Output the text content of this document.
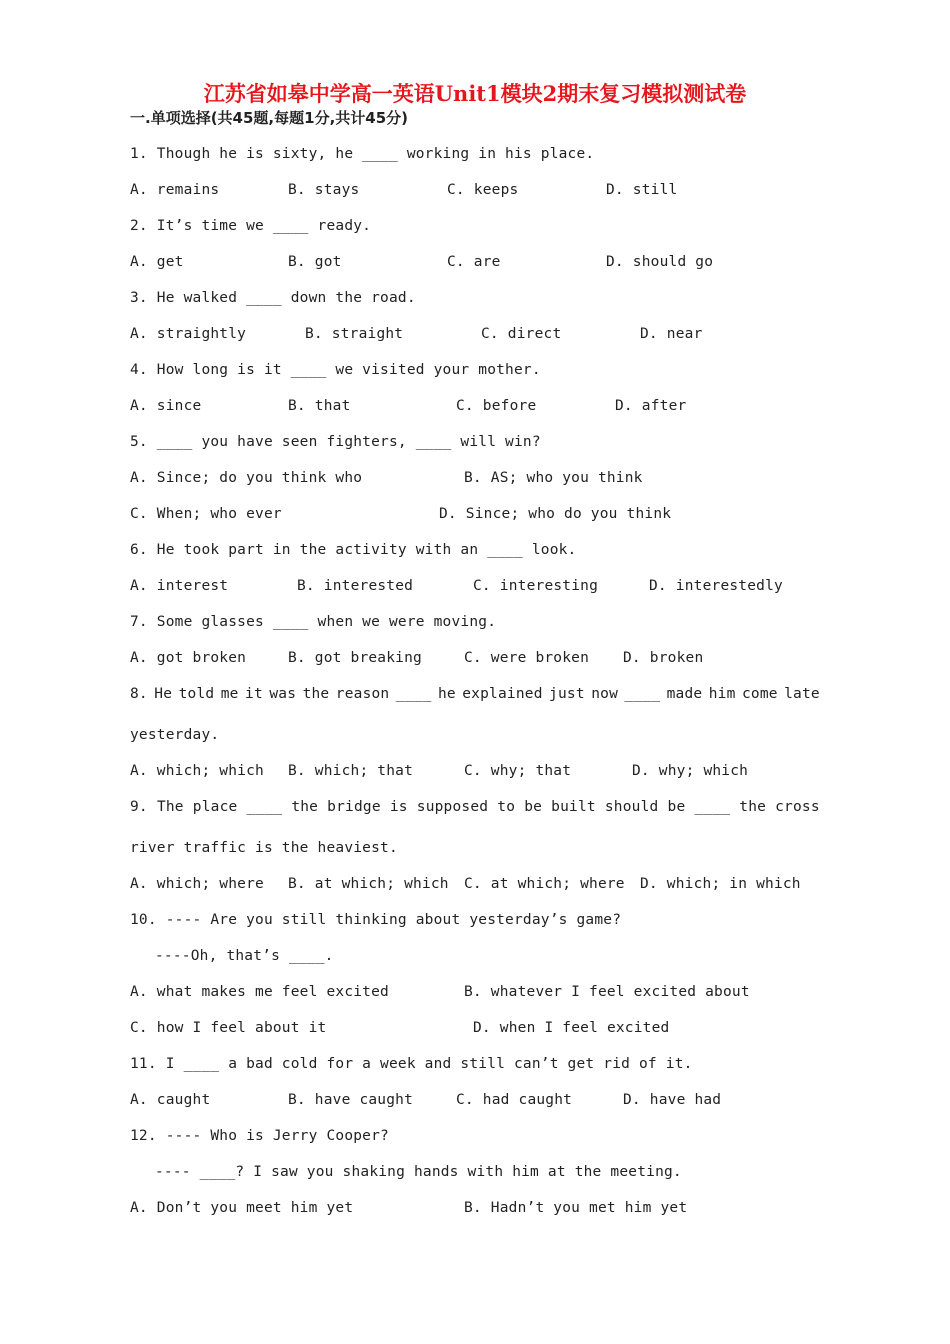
江苏省如皋中学高一英语Unit1模块2期末复习模拟测试卷
一.单项选择(共45题,每题1分,共计45分)
1. Though he is sixty, he ____ working in his place.
A. remains	B. stays	C. keeps	D. still
2. It’s time we ____ ready.
A. get	B. got	C. are	D. should go
3. He walked ____ down the road.
A. straightly	B. straight	C. direct	D. near
4. How long is it ____ we visited your mother.
A. since	B. that	C. before	D. after
5. ____ you have seen fighters, ____ will win?
A. Since; do you think who	B. AS; who you think
C. When; who ever	D. Since; who do you think
6. He took part in the activity with an ____ look.
A. interest	B. interested	C. interesting	D. interestedly
7. Some glasses ____ when we were moving.
A. got broken	B. got breaking	C. were broken D. broken
8. He told me it was the reason ____ he explained just now ____ made him come late
yesterday.
A. which; which B. which; that	C. why; that	D. why; which
9. The place ____ the bridge is supposed to be built should be ____ the cross
river traffic is the heaviest.
A. which; where B. at which; which C. at which; where D. which; in which
10. ---- Are you still thinking about yesterday’s game?
----Oh, that’s ____.
A. what makes me feel excited	B. whatever I feel excited about
C. how I feel about it	D. when I feel excited
11. I ____ a bad cold for a week and still can’t get rid of it.
A. caught	B. have caught	C. had caught	D. have had
12. ---- Who is Jerry Cooper?
---- ____? I saw you shaking hands with him at the meeting.
A. Don’t you meet him yet	B. Hadn’t you met him yet
